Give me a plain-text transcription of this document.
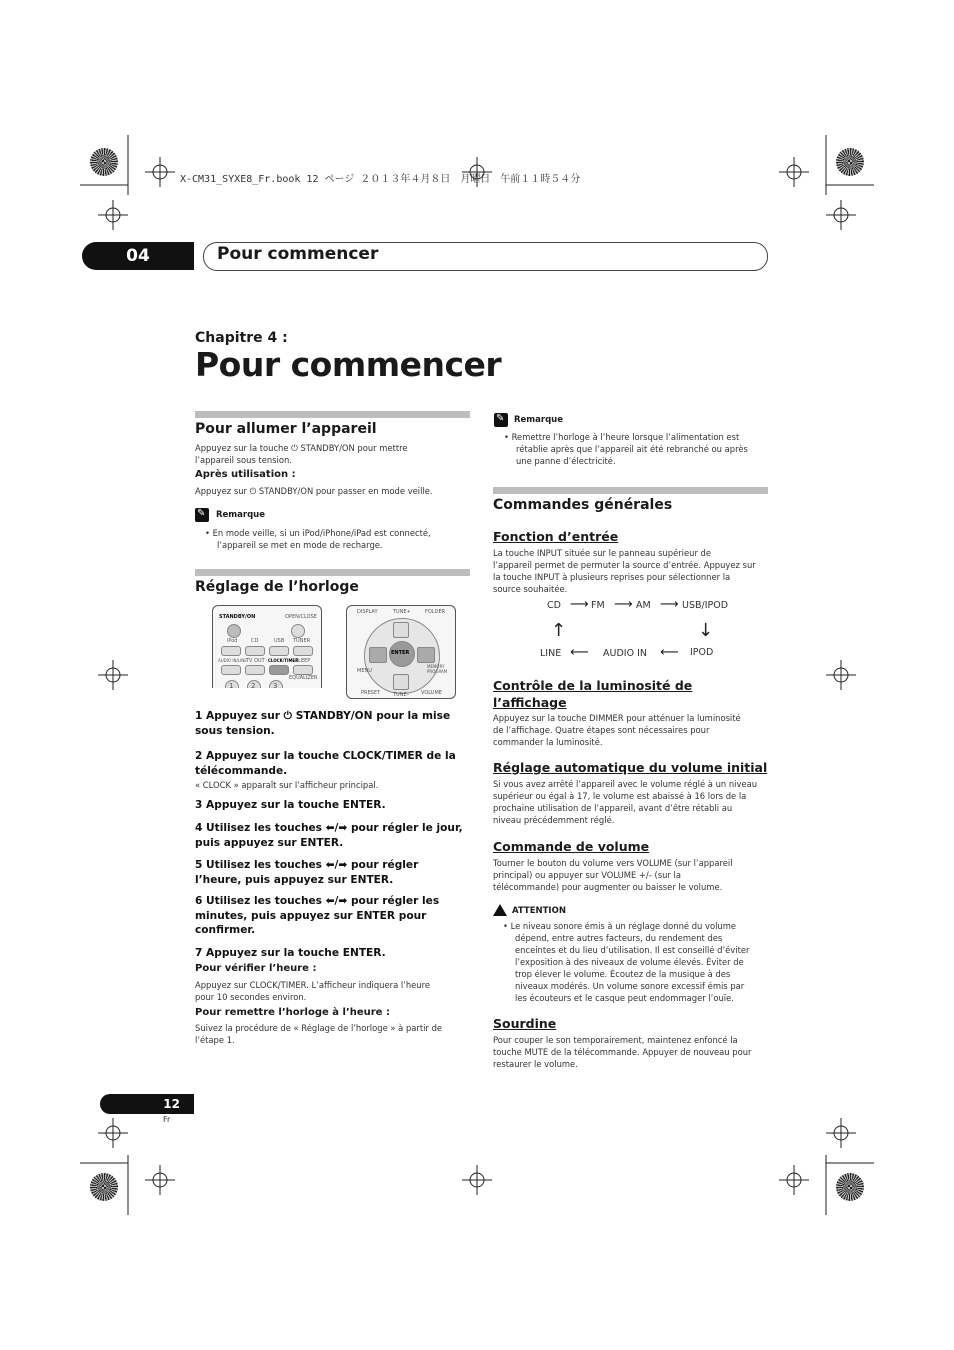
X-CM31_SYXE8_Fr.book 12 ページ ２０１３年４月８日　月曜日　午前１１時５４分
04	Pour commencer
Chapitre 4 :
Pour commencer
Pour allumer l’appareil
Appuyez sur la touche ⏻ STANDBY/ON pour mettre
l’appareil sous tension.
Après utilisation :
Appuyez sur ⏻ STANDBY/ON pour passer en mode veille.
✎
Remarque
• En mode veille, si un iPod/iPhone/iPad est connecté,
l’appareil se met en mode de recharge.
Réglage de l’horloge
STANDBY/ON	OPEN/CLOSE
iPod	CD	USB TUNER
AUDIO IN/LINE TV OUT CLOCK/TIMER
SLEEP
EQUALIZER
1	2	3
DISPLAY	TUNE+	FOLDER
ENTER
MENU
MEMORY PROGRAM
PRESET	TUNE– VOLUME
1 Appuyez sur ⏻ STANDBY/ON pour la mise
sous tension.
2 Appuyez sur la touche CLOCK/TIMER de la
télécommande.
« CLOCK » apparaît sur l’afficheur principal.
3 Appuyez sur la touche ENTER.
4 Utilisez les touches ⬅/➡ pour régler le jour,
puis appuyez sur ENTER.
5 Utilisez les touches ⬅/➡ pour régler
l’heure, puis appuyez sur ENTER.
6 Utilisez les touches ⬅/➡ pour régler les
minutes, puis appuyez sur ENTER pour
confirmer.
7 Appuyez sur la touche ENTER.
Pour vérifier l’heure :
Appuyez sur CLOCK/TIMER. L’afficheur indiquera l’heure
pour 10 secondes environ.
Pour remettre l’horloge à l’heure :
Suivez la procédure de « Réglage de l’horloge » à partir de
l’étape 1.
✎
Remarque
• Remettre l’horloge à l’heure lorsque l’alimentation est
rétablie après que l’appareil ait été rebranché ou après
une panne d’électricité.
Commandes générales
Fonction d’entrée
La touche INPUT située sur le panneau supérieur de
l’appareil permet de permuter la source d’entrée. Appuyez sur
la touche INPUT à plusieurs reprises pour sélectionner la
source souhaitée.
CD ⟶ FM ⟶ AM ⟶ USB/IPOD
↑	↓
LINE ⟵ AUDIO IN ⟵ IPOD
Contrôle de la luminosité de
l’affichage
Appuyez sur la touche DIMMER pour atténuer la luminosité
de l’affichage. Quatre étapes sont nécessaires pour
commander la luminosité.
Réglage automatique du volume initial
Si vous avez arrêté l’appareil avec le volume réglé à un niveau
supérieur ou égal à 17, le volume est abaissé à 16 lors de la
prochaine utilisation de l’appareil, avant d’être rétabli au
niveau précédemment réglé.
Commande de volume
Tourner le bouton du volume vers VOLUME (sur l’appareil
principal) ou appuyer sur VOLUME +/- (sur la
télécommande) pour augmenter ou baisser le volume.
ATTENTION
• Le niveau sonore émis à un réglage donné du volume
dépend, entre autres facteurs, du rendement des
enceintes et du lieu d’utilisation. Il est conseillé d’éviter
l’exposition à des niveaux de volume élevés. Éviter de
trop élever le volume. Écoutez de la musique à des
niveaux modérés. Un volume sonore excessif émis par
les écouteurs et le casque peut endommager l’ouïe.
Sourdine
Pour couper le son temporairement, maintenez enfoncé la
touche MUTE de la télécommande. Appuyer de nouveau pour
restaurer le volume.
12
Fr
